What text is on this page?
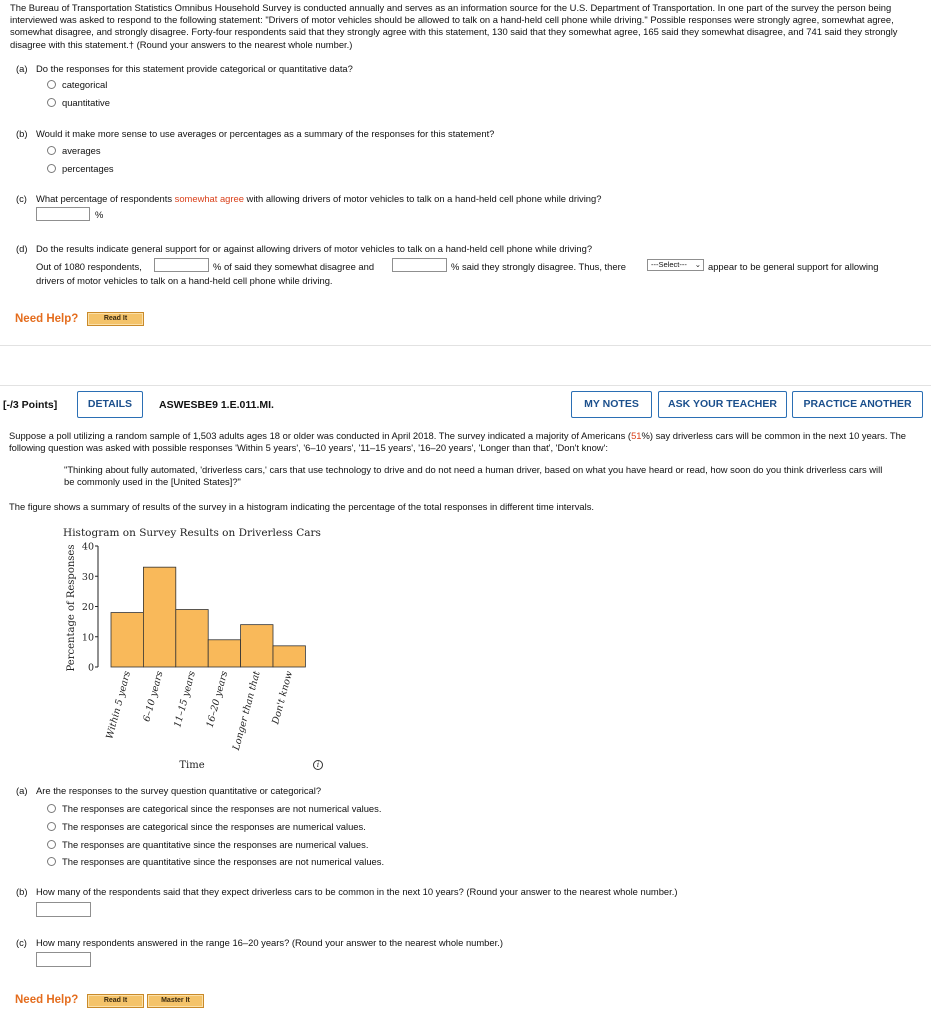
The Bureau of Transportation Statistics Omnibus Household Survey is conducted annually and serves as an information source for the U.S. Department of Transportation. In one part of the survey the person being interviewed was asked to respond to the following statement: "Drivers of motor vehicles should be allowed to talk on a hand-held cell phone while driving." Possible responses were strongly agree, somewhat agree, somewhat disagree, and strongly disagree. Forty-four respondents said that they strongly agree with this statement, 130 said that they somewhat agree, 165 said they somewhat disagree, and 741 said they strongly disagree with this statement.† (Round your answers to the nearest whole number.)

(a) Do the responses for this statement provide categorical or quantitative data?
categorical
quantitative
(b) Would it make more sense to use averages or percentages as a summary of the responses for this statement?
averages
percentages
(c) What percentage of respondents somewhat agree with allowing drivers of motor vehicles to talk on a hand-held cell phone while driving?
%
(d) Do the results indicate general support for or against allowing drivers of motor vehicles to talk on a hand-held cell phone while driving?
Out of 1080 respondents,	% of said they somewhat disagree and	% said they strongly disagree. Thus, there	---Select--- ⌄ appear to be general support for allowing
drivers of motor vehicles to talk on a hand-held cell phone while driving.
Need Help?	Read It
[-/3 Points]	DETAILS	ASWESBE9 1.E.011.MI.	MY NOTES	ASK YOUR TEACHER	PRACTICE ANOTHER

Suppose a poll utilizing a random sample of 1,503 adults ages 18 or older was conducted in April 2018. The survey indicated a majority of Americans (51%) say driverless cars will be common in the next 10 years. The following question was asked with possible responses 'Within 5 years', '6–10 years', '11–15 years', '16–20 years', 'Longer than that', 'Don't know':

"Thinking about fully automated, 'driverless cars,' cars that use technology to drive and do not need a human driver, based on what you have heard or read, how soon do you think driverless cars will be commonly used in the [United States]?"

The figure shows a summary of results of the survey in a histogram indicating the percentage of the total responses in different time intervals.

Histogram on Survey Results on Driverless Cars
Percentage of Responses
Time
0
10
20
30
40
Within 5 years 6–10 years 11–15 years 16–20 years Longer than that Don't know
i
(a) Are the responses to the survey question quantitative or categorical?
The responses are categorical since the responses are not numerical values.
The responses are categorical since the responses are numerical values.
The responses are quantitative since the responses are numerical values.
The responses are quantitative since the responses are not numerical values.
(b) How many of the respondents said that they expect driverless cars to be common in the next 10 years? (Round your answer to the nearest whole number.)
(c) How many respondents answered in the range 16–20 years? (Round your answer to the nearest whole number.)
Need Help?	Read It	Master It
